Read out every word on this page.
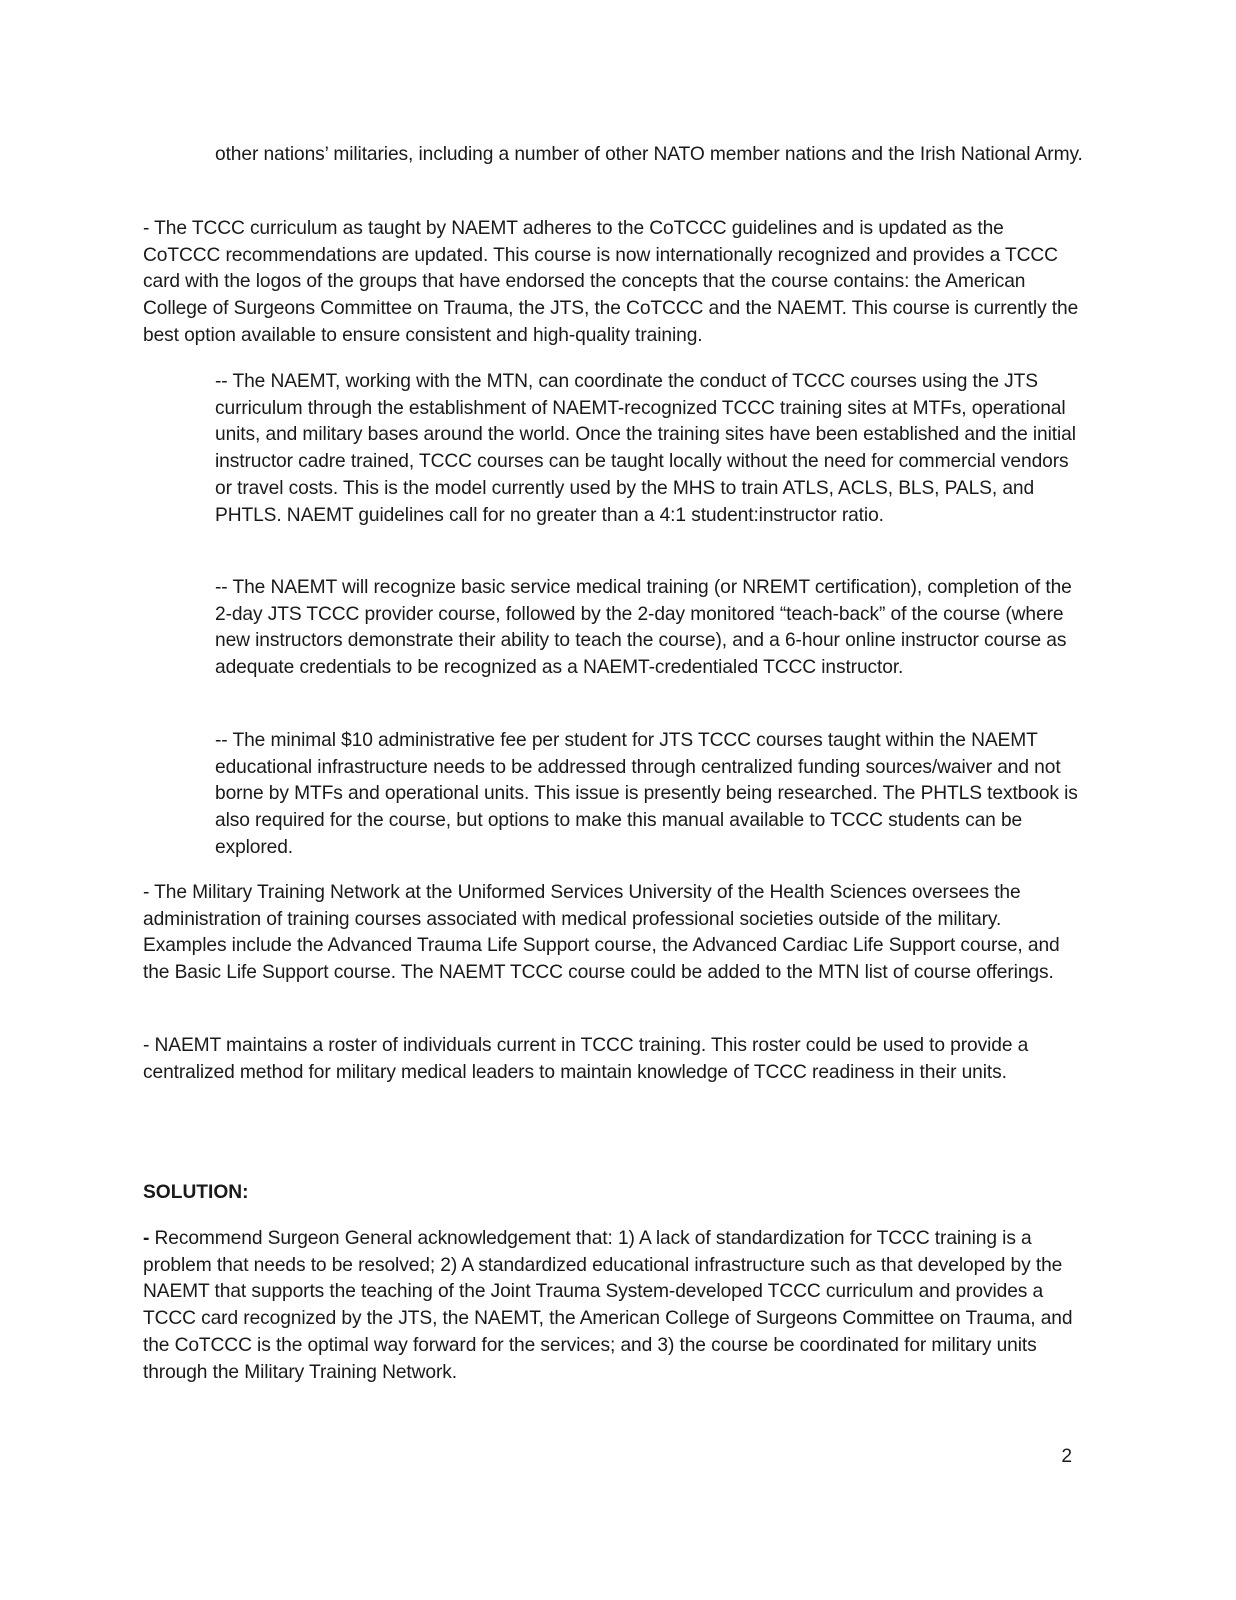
other nations’ militaries, including a number of other NATO member nations and the Irish National Army.

- The TCCC curriculum as taught by NAEMT adheres to the CoTCCC guidelines and is updated as the CoTCCC recommendations are updated. This course is now internationally recognized and provides a TCCC card with the logos of the groups that have endorsed the concepts that the course contains: the American College of Surgeons Committee on Trauma, the JTS, the CoTCCC and the NAEMT. This course is currently the best option available to ensure consistent and high-quality training.

-- The NAEMT, working with the MTN, can coordinate the conduct of TCCC courses using the JTS curriculum through the establishment of NAEMT-recognized TCCC training sites at MTFs, operational units, and military bases around the world. Once the training sites have been established and the initial instructor cadre trained, TCCC courses can be taught locally without the need for commercial vendors or travel costs. This is the model currently used by the MHS to train ATLS, ACLS, BLS, PALS, and PHTLS. NAEMT guidelines call for no greater than a 4:1 student:instructor ratio.

-- The NAEMT will recognize basic service medical training (or NREMT certification), completion of the 2-day JTS TCCC provider course, followed by the 2-day monitored “teach-back” of the course (where new instructors demonstrate their ability to teach the course), and a 6-hour online instructor course as adequate credentials to be recognized as a NAEMT-credentialed TCCC instructor.

-- The minimal $10 administrative fee per student for JTS TCCC courses taught within the NAEMT educational infrastructure needs to be addressed through centralized funding sources/waiver and not borne by MTFs and operational units. This issue is presently being researched. The PHTLS textbook is also required for the course, but options to make this manual available to TCCC students can be explored.

- The Military Training Network at the Uniformed Services University of the Health Sciences oversees the administration of training courses associated with medical professional societies outside of the military. Examples include the Advanced Trauma Life Support course, the Advanced Cardiac Life Support course, and the Basic Life Support course. The NAEMT TCCC course could be added to the MTN list of course offerings.

- NAEMT maintains a roster of individuals current in TCCC training. This roster could be used to provide a centralized method for military medical leaders to maintain knowledge of TCCC readiness in their units.

SOLUTION:

- Recommend Surgeon General acknowledgement that: 1) A lack of standardization for TCCC training is a problem that needs to be resolved; 2) A standardized educational infrastructure such as that developed by the NAEMT that supports the teaching of the Joint Trauma System-developed TCCC curriculum and provides a TCCC card recognized by the JTS, the NAEMT, the American College of Surgeons Committee on Trauma, and the CoTCCC is the optimal way forward for the services; and 3) the course be coordinated for military units through the Military Training Network.

2
